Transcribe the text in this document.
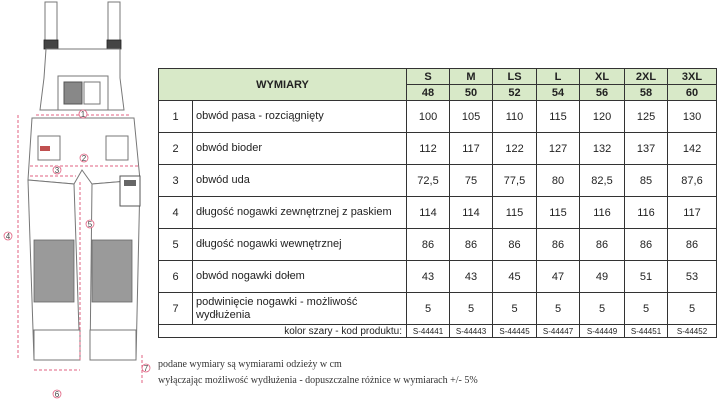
1
2
3
4
5
6
7
WYMIARY		S	M	LS	L	XL	2XL	3XL
		48	50	52	54	56	58	60
1	obwód pasa - rozciągnięty	100	105	110	115	120	125	130
2	obwód bioder	112	117	122	127	132	137	142
3	obwód uda	72,5	75	77,5	80	82,5	85	87,6
4	długość nogawki zewnętrznej z paskiem	114	114	115	115	116	116	117
5	długość nogawki wewnętrznej	86	86	86	86	86	86	86
6	obwód nogawki dołem	43	43	45	47	49	51	53
7	podwinięcie nogawki - możliwość wydłużenia	5	5	5	5	5	5	5
kolor szary - kod produktu:		S-44441	S-44443	S-44445	S-44447	S-44449	S-44451	S-44452
podane wymiary są wymiarami odzieży w cm
wyłączając możliwość wydłużenia - dopuszczalne różnice w wymiarach +/- 5%
